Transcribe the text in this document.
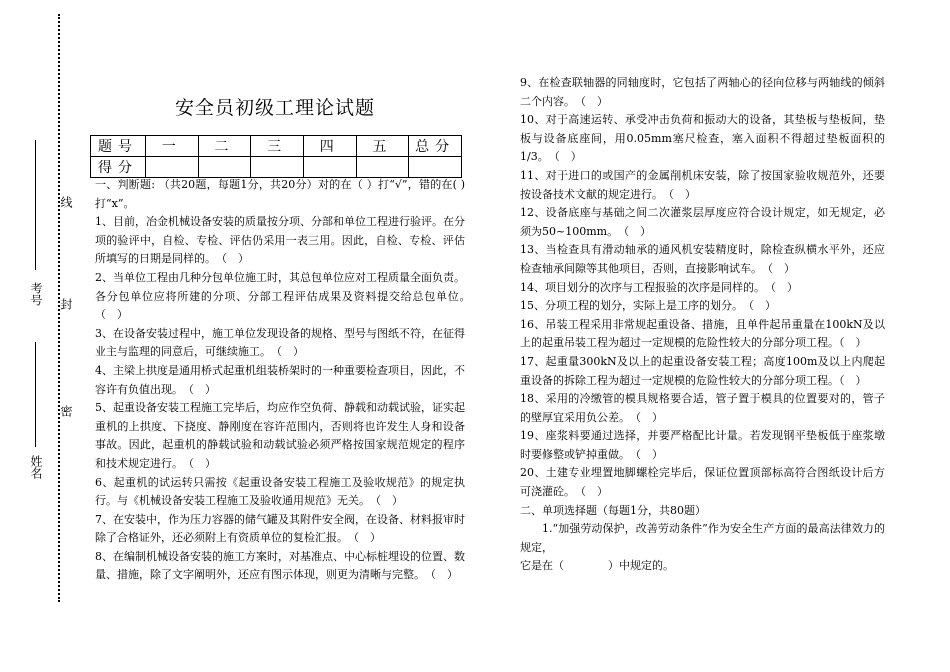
考号
线
封
密
姓名
安全员初级工理论试题
题号	一	二	三	四	五	总分
得分						

一、判断题: （共20题，每题1分，共20分）对的在（ ）打“√”，错的在( )打“x”。

1、目前，冶金机械设备安装的质量按分项、分部和单位工程进行验评。在分项的验评中，自检、专检、评估仍采用一表三用。因此，自检、专检、评估所填写的日期是同样的。　（　）

2、当单位工程由几种分包单位施工时，其总包单位应对工程质量全面负责。各分包单位应将所建的分项、分部工程评估成果及资料提交给总包单位。　（　）

3、在设备安装过程中，施工单位发现设备的规格、型号与图纸不符，在征得业主与监理的同意后，可继续施工。　（　）

4、主梁上拱度是通用桥式起重机组装桥架时的一种重要检查项目，因此，不容许有负值出现。　（　）

5、起重设备安装工程施工完毕后，均应作空负荷、静载和动载试验，证实起重机的上拱度、下挠度、静刚度在容许范围内，否则将也许发生人身和设备事故。因此，起重机的静载试验和动载试验必须严格按国家规范规定的程序和技术规定进行。　（　）

6、起重机的试运转只需按《起重设备安装工程施工及验收规范》的规定执行。与《机械设备安装工程施工及验收通用规范》无关。　（　）

7、在安装中，作为压力容器的储气罐及其附件安全阀，在设备、材料报审时除了合格证外，还必须附上有资质单位的复检汇报。　（　）

8、在编制机械设备安装的施工方案时，对基准点、中心标桩埋设的位置、数量、措施，除了文字阐明外，还应有图示体现，则更为清晰与完整。　（　）

9、在检查联轴器的同轴度时，它包括了两轴心的径向位移与两轴线的倾斜二个内容。　（　）

10、对于高速运转、承受冲击负荷和振动大的设备，其垫板与垫板间，垫板与设备底座间，用0.05mm塞尺检查，塞入面积不得超过垫板面积的1/3。　（　）

11、对于进口的或国产的金属削机床安装，除了按国家验收规范外，还要按设备技术文献的规定进行。　（　）

12、设备底座与基础之间二次灌浆层厚度应符合设计规定，如无规定，必须为50~100mm。　（　）

13、当检查具有滑动轴承的通风机安装精度时，除检查纵横水平外，还应检查轴承间隙等其他项目，否则，直接影响试车。　（　）

14、项目划分的次序与工程报验的次序是同样的。　（　）

15、分项工程的划分，实际上是工序的划分。　（　）

16、吊装工程采用非常规起重设备、措施，且单件起吊重量在100kN及以上的起重吊装工程为超过一定规模的危险性较大的分部分项工程。（　）

17、起重量300kN及以上的起重设备安装工程；高度100m及以上内爬起重设备的拆除工程为超过一定规模的危险性较大的分部分项工程。（　）

18、采用的冷缴管的模具规格要合适，管子置于模具的位置要对的，管子的壁厚宜采用负公差。　（　）

19、座浆料要通过选择，并要严格配比计量。若发现钢平垫板低于座浆墩时要修整或铲掉重做。　（　）

20、土建专业埋置地脚螺栓完毕后，保证位置顶部标高符合图纸设计后方可浇灌砼。　（　）

二、单项选择题（每题1分，共80题）

1.“加强劳动保护，改善劳动条件”作为安全生产方面的最高法律效力的规定，

它是在（　　　　）中规定的。
